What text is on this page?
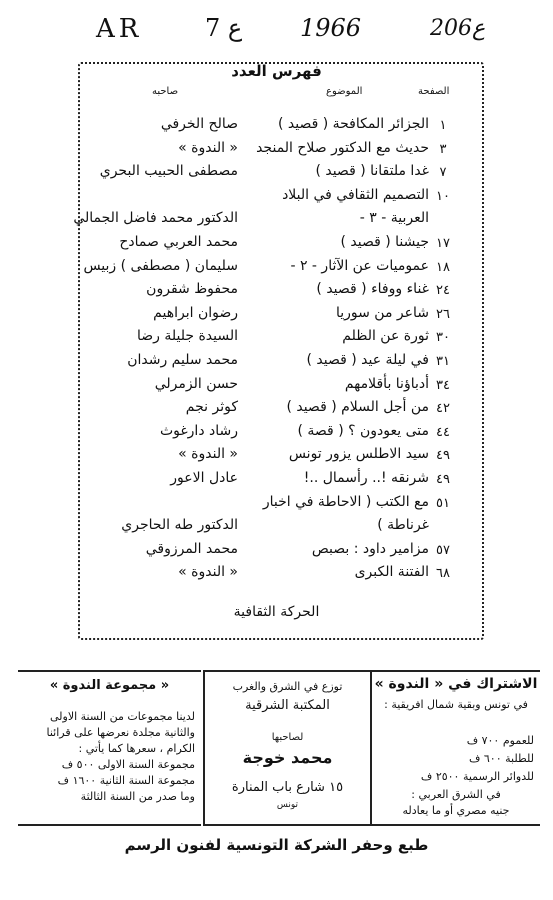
AR	7 ع 1966	206ع
فهرس العدد
الصفحة
الموضوع
صاحبه
١
الجزائر المكافحة ( قصيد )
صالح الخرفي
٣
حديث مع الدكتور صلاح المنجد
« الندوة »
٧
غدا ملتقانا ( قصيد )
مصطفى الحبيب البحري
١٠
التصميم الثقافي في البلاد
العربية - ٣ -
الدكتور محمد فاضل الجمالي
١٧
جيشنا ( قصيد )
محمد العربي صمادح
١٨
عموميات عن الآثار - ٢ -
سليمان ( مصطفى ) زبيس
٢٤
غناء ووفاء ( قصيد )
محفوظ شقرون
٢٦
شاعر من سوريا
رضوان ابراهيم
٣٠
ثورة عن الظلم
السيدة جليلة رضا
٣١
في ليلة عيد ( قصيد )
محمد سليم رشدان
٣٤
أدباؤنا بأقلامهم
حسن الزمرلي
٤٢
من أجل السلام ( قصيد )
كوثر نجم
٤٤
متى يعودون ؟ ( قصة )
رشاد دارغوث
٤٩
سيد الاطلس يزور تونس
« الندوة »
٤٩
شرنقه !.. رأسمال ..!
عادل الاعور
٥١
مع الكتب ( الاحاطة في اخبار
غرناطة )
الدكتور طه الحاجري
٥٧
مزامير داود : بصبص
محمد المرزوقي
٦٨
الفتنة الكبرى
« الندوة »
الحركة الثقافية
الاشتراك في « الندوة »
في تونس وبقية شمال افريقية :
للعموم ٧٠٠ ف
للطلبة ٦٠٠ ف
للدوائر الرسمية ٢٥٠٠ ف
في الشرق العربي :
جنيه مصري أو ما يعادله
توزع في الشرق والغرب
المكتبة الشرقية
لصاحبها
محمد خوجة
١٥ شارع باب المنارة
تونس
« مجموعة الندوة »
لدينا مجموعات من السنة الاولى
والثانية مجلدة نعرضها على قرائنا
الكرام ، سعرها كما يأتي :
مجموعة السنة الاولى ٥٠٠ ف
مجموعة السنة الثانية ١٦٠٠ ف
وما صدر من السنة الثالثة
طبع وحفر الشركة التونسية لفنون الرسم
